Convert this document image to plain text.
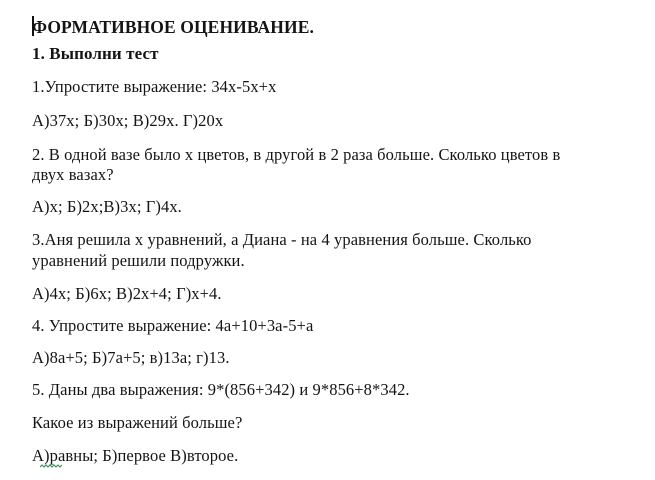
ФОРМАТИВНОЕ ОЦЕНИВАНИЕ.
1. Выполни тест
1.Упростите выражение: 34х-5х+х
А)37х; Б)30х; В)29х. Г)20х
2. В одной вазе было х цветов, в другой в 2 раза больше. Сколько цветов в
двух вазах?
А)х; Б)2х;В)3х; Г)4х.
3.Аня решила х уравнений, а Диана - на 4 уравнения больше. Сколько
уравнений решили подружки.
А)4х; Б)6х; В)2х+4; Г)х+4.
4. Упростите выражение: 4а+10+3а-5+а
А)8а+5; Б)7а+5; в)13а; г)13.
5. Даны два выражения: 9*(856+342) и 9*856+8*342.
Какое из выражений больше?
А)равны; Б)первое В)второе.
